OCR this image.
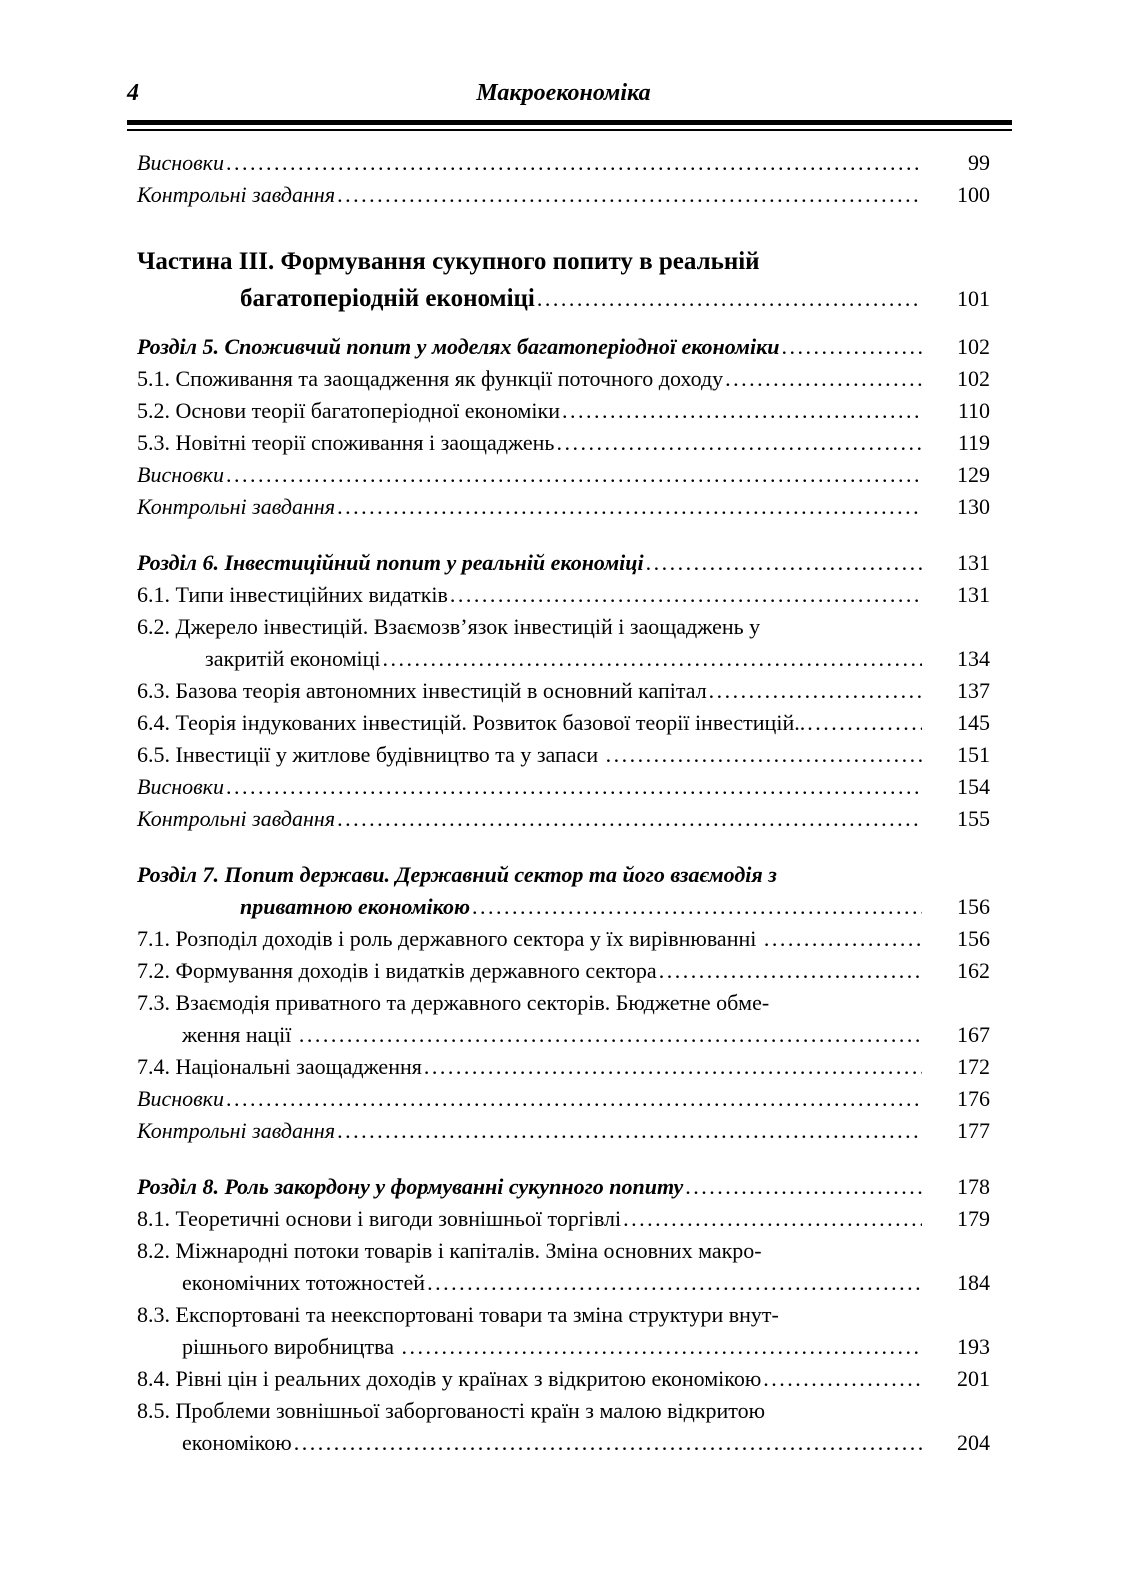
4	Макроекономіка
Висновки .....	99
Контрольні завдання .....	100
Частина ІІІ. Формування сукупного попиту в реальній
багатоперіодній економіці .....	101
Розділ 5. Споживчий попит у моделях багатоперіодної економіки .....	102
5.1. Споживання та заощадження як функції поточного доходу .....	102
5.2. Основи теорії багатоперіодної економіки .....	110
5.3. Новітні теорії споживання і заощаджень .....	119
Висновки .....	129
Контрольні завдання .....	130
Розділ 6. Інвестиційний попит у реальній економіці .....	131
6.1. Типи інвестиційних видатків .....	131
6.2. Джерело інвестицій. Взаємозв’язок інвестицій і заощаджень у
закритій економіці .....	134
6.3. Базова теорія автономних інвестицій в основний капітал .....	137
6.4. Теорія індукованих інвестицій. Розвиток базової теорії інвестицій.. .....	145
6.5. Інвестиції у житлове будівництво та у запаси .....	151
Висновки .....	154
Контрольні завдання .....	155
Розділ 7. Попит держави. Державний сектор та його взаємодія з
приватною економікою .....	156
7.1. Розподіл доходів і роль державного сектора у їх вирівнюванні .....	156
7.2. Формування доходів і видатків державного сектора .....	162
7.3. Взаємодія приватного та державного секторів. Бюджетне обме-
ження нації .....	167
7.4. Національні заощадження .....	172
Висновки .....	176
Контрольні завдання .....	177
Розділ 8. Роль закордону у формуванні сукупного попиту .....	178
8.1. Теоретичні основи і вигоди зовнішньої торгівлі .....	179
8.2. Міжнародні потоки товарів і капіталів. Зміна основних макро-
економічних тотожностей .....	184
8.3. Експортовані та неекспортовані товари та зміна структури внут-
рішнього виробництва .....	193
8.4. Рівні цін і реальних доходів у країнах з відкритою економікою .....	201
8.5. Проблеми зовнішньої заборгованості країн з малою відкритою
економікою .....	204
